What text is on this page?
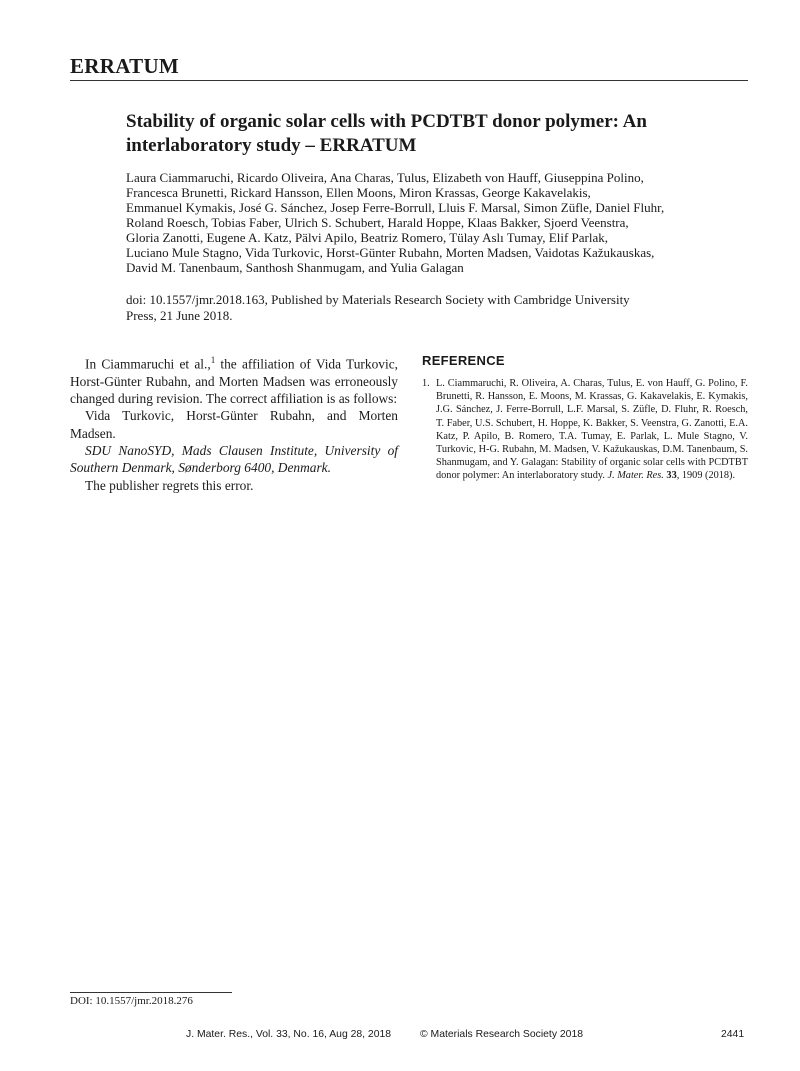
ERRATUM
Stability of organic solar cells with PCDTBT donor polymer: An interlaboratory study – ERRATUM
Laura Ciammaruchi, Ricardo Oliveira, Ana Charas, Tulus, Elizabeth von Hauff, Giuseppina Polino,
Francesca Brunetti, Rickard Hansson, Ellen Moons, Miron Krassas, George Kakavelakis,
Emmanuel Kymakis, José G. Sánchez, Josep Ferre-Borrull, Lluis F. Marsal, Simon Züfle, Daniel Fluhr,
Roland Roesch, Tobias Faber, Ulrich S. Schubert, Harald Hoppe, Klaas Bakker, Sjoerd Veenstra,
Gloria Zanotti, Eugene A. Katz, Pälvi Apilo, Beatriz Romero, Tülay Aslı Tumay, Elif Parlak,
Luciano Mule Stagno, Vida Turkovic, Horst-Günter Rubahn, Morten Madsen, Vaidotas Kažukauskas,
David M. Tanenbaum, Santhosh Shanmugam, and Yulia Galagan
doi: 10.1557/jmr.2018.163, Published by Materials Research Society with Cambridge University
Press, 21 June 2018.

In Ciammaruchi et al.,$^1$ the affiliation of Vida Turkovic, Horst-Günter Rubahn, and Morten Madsen was erroneously changed during revision. The correct affiliation is as follows:

Vida Turkovic, Horst-Günter Rubahn, and Morten Madsen.

SDU NanoSYD, Mads Clausen Institute, University of Southern Denmark, Sønderborg 6400, Denmark.

The publisher regrets this error.

REFERENCE
1. L. Ciammaruchi, R. Oliveira, A. Charas, Tulus, E. von Hauff, G. Polino, F. Brunetti, R. Hansson, E. Moons, M. Krassas, G. Kakavelakis, E. Kymakis, J.G. Sánchez, J. Ferre-Borrull, L.F. Marsal, S. Züfle, D. Fluhr, R. Roesch, T. Faber, U.S. Schubert, H. Hoppe, K. Bakker, S. Veenstra, G. Zanotti, E.A. Katz, P. Apilo, B. Romero, T.A. Tumay, E. Parlak, L. Mule Stagno, V. Turkovic, H-G. Rubahn, M. Madsen, V. Kažukauskas, D.M. Tanenbaum, S. Shanmugam, and Y. Galagan: Stability of organic solar cells with PCDTBT donor polymer: An interlaboratory study. J. Mater. Res. 33, 1909 (2018).
DOI: 10.1557/jmr.2018.276
J. Mater. Res., Vol. 33, No. 16, Aug 28, 2018	© Materials Research Society 2018	2441
